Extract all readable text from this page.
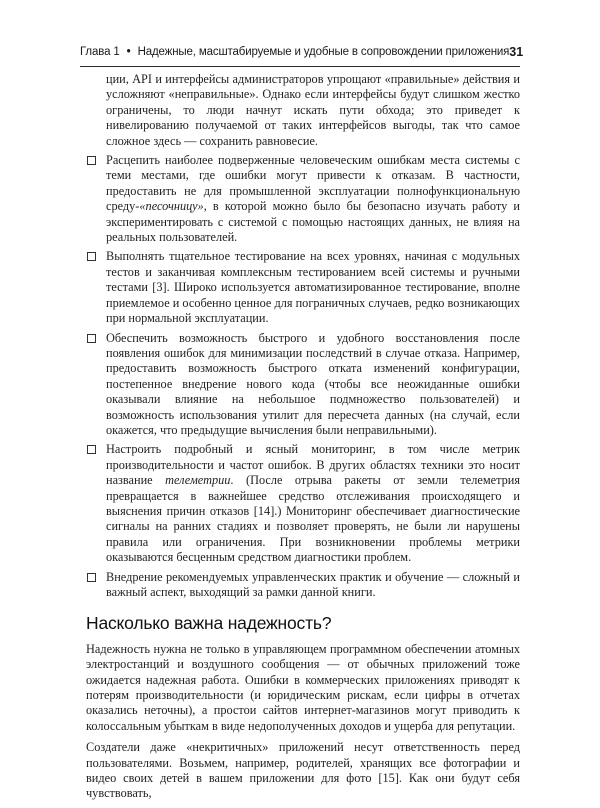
Глава 1 • Надежные, масштабируемые и удобные в сопровождении приложения 31

ции, API и интерфейсы администраторов упрощают «правильные» действия и усложняют «неправильные». Однако если интерфейсы будут слишком жестко ограничены, то люди начнут искать пути обхода; это приведет к нивелированию получаемой от таких интерфейсов выгоды, так что самое сложное здесь — сохранить равновесие.

Расцепить наиболее подверженные человеческим ошибкам места системы с теми местами, где ошибки могут привести к отказам. В частности, предоставить не для промышленной эксплуатации полнофункциональную среду-«песочницу», в которой можно было бы безопасно изучать работу и экспериментировать с системой с помощью настоящих данных, не влияя на реальных пользователей.
Выполнять тщательное тестирование на всех уровнях, начиная с модульных тестов и заканчивая комплексным тестированием всей системы и ручными тестами [3]. Широко используется автоматизированное тестирование, вполне приемлемое и особенно ценное для пограничных случаев, редко возникающих при нормальной эксплуатации.
Обеспечить возможность быстрого и удобного восстановления после появления ошибок для минимизации последствий в случае отказа. Например, предоставить возможность быстрого отката изменений конфигурации, постепенное внедрение нового кода (чтобы все неожиданные ошибки оказывали влияние на небольшое подмножество пользователей) и возможность использования утилит для пересчета данных (на случай, если окажется, что предыдущие вычисления были неправильными).
Настроить подробный и ясный мониторинг, в том числе метрик производительности и частот ошибок. В других областях техники это носит название телеметрии. (После отрыва ракеты от земли телеметрия превращается в важнейшее средство отслеживания происходящего и выяснения причин отказов [14].) Мониторинг обеспечивает диагностические сигналы на ранних стадиях и позволяет проверять, не были ли нарушены правила или ограничения. При возникновении проблемы метрики оказываются бесценным средством диагностики проблем.
Внедрение рекомендуемых управленческих практик и обучение — сложный и важный аспект, выходящий за рамки данной книги.
Насколько важна надежность?

Надежность нужна не только в управляющем программном обеспечении атомных электростанций и воздушного сообщения — от обычных приложений тоже ожидается надежная работа. Ошибки в коммерческих приложениях приводят к потерям производительности (и юридическим рискам, если цифры в отчетах оказались неточны), а простои сайтов интернет-магазинов могут приводить к колоссальным убыткам в виде недополученных доходов и ущерба для репутации.

Создатели даже «некритичных» приложений несут ответственность перед пользователями. Возьмем, например, родителей, хранящих все фотографии и видео своих детей в вашем приложении для фото [15]. Как они будут себя чувствовать,
